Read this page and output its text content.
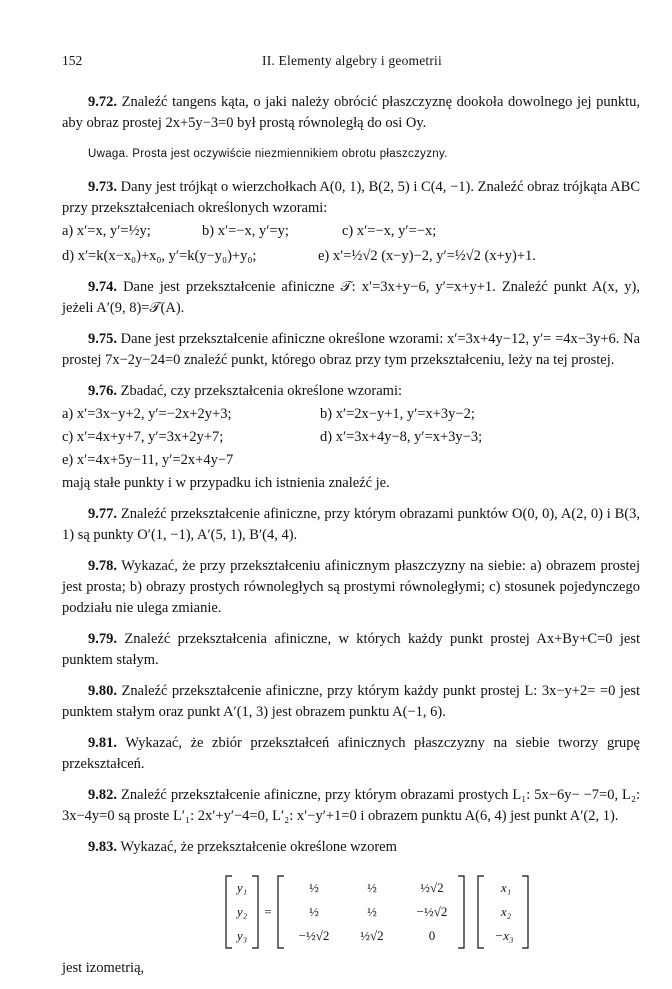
152	II. Elementy algebry i geometrii

9.72. Znaleźć tangens kąta, o jaki należy obrócić płaszczyznę dookoła dowolnego jej punktu, aby obraz prostej 2x+5y−3=0 był prostą równoległą do osi Oy.

Uwaga. Prosta jest oczywiście niezmiennikiem obrotu płaszczyzny.

9.73. Dany jest trójkąt o wierzchołkach A(0, 1), B(2, 5) i C(4, −1). Znaleźć obraz trójkąta ABC przy przekształceniach określonych wzorami:

a) x′=x, y′=½y;	b) x′=−x, y′=y;	c) x′=−x, y′=−x;
d) x′=k(x−x₀)+x₀, y′=k(y−y₀)+y₀;	e) x′=½√2 (x−y)−2, y′=½√2 (x+y)+1.

9.74. Dane jest przekształcenie afiniczne 𝒯: x′=3x+y−6, y′=x+y+1. Znaleźć punkt A(x, y), jeżeli A′(9, 8)=𝒯(A).

9.75. Dane jest przekształcenie afiniczne określone wzorami: x′=3x+4y−12, y′= =4x−3y+6. Na prostej 7x−2y−24=0 znaleźć punkt, którego obraz przy tym przekształceniu, leży na tej prostej.

9.76. Zbadać, czy przekształcenia określone wzorami:

a) x′=3x−y+2, y′=−2x+2y+3;	b) x′=2x−y+1, y′=x+3y−2;
c) x′=4x+y+7, y′=3x+2y+7;	d) x′=3x+4y−8, y′=x+3y−3;
e) x′=4x+5y−11, y′=2x+4y−7

mają stałe punkty i w przypadku ich istnienia znaleźć je.

9.77. Znaleźć przekształcenie afiniczne, przy którym obrazami punktów O(0, 0), A(2, 0) i B(3, 1) są punkty O′(1, −1), A′(5, 1), B′(4, 4).

9.78. Wykazać, że przy przekształceniu afinicznym płaszczyzny na siebie: a) obrazem prostej jest prosta; b) obrazy prostych równoległych są prostymi równoległymi; c) stosunek pojedynczego podziału nie ulega zmianie.

9.79. Znaleźć przekształcenia afiniczne, w których każdy punkt prostej Ax+By+C=0 jest punktem stałym.

9.80. Znaleźć przekształcenie afiniczne, przy którym każdy punkt prostej L: 3x−y+2= =0 jest punktem stałym oraz punkt A′(1, 3) jest obrazem punktu A(−1, 6).

9.81. Wykazać, że zbiór przekształceń afinicznych płaszczyzny na siebie tworzy grupę przekształceń.

9.82. Znaleźć przekształcenie afiniczne, przy którym obrazami prostych L₁: 5x−6y− −7=0, L₂: 3x−4y=0 są proste L′₁: 2x′+y′−4=0, L′₂: x′−y′+1=0 i obrazem punktu A(6, 4) jest punkt A′(2, 1).

9.83. Wykazać, że przekształcenie określone wzorem

y₁
y₂
y₃
=
½	½	½√2
½	½	−½√2
−½√2 ½√2	0
x₁
x₂
−x₃

jest izometrią,
